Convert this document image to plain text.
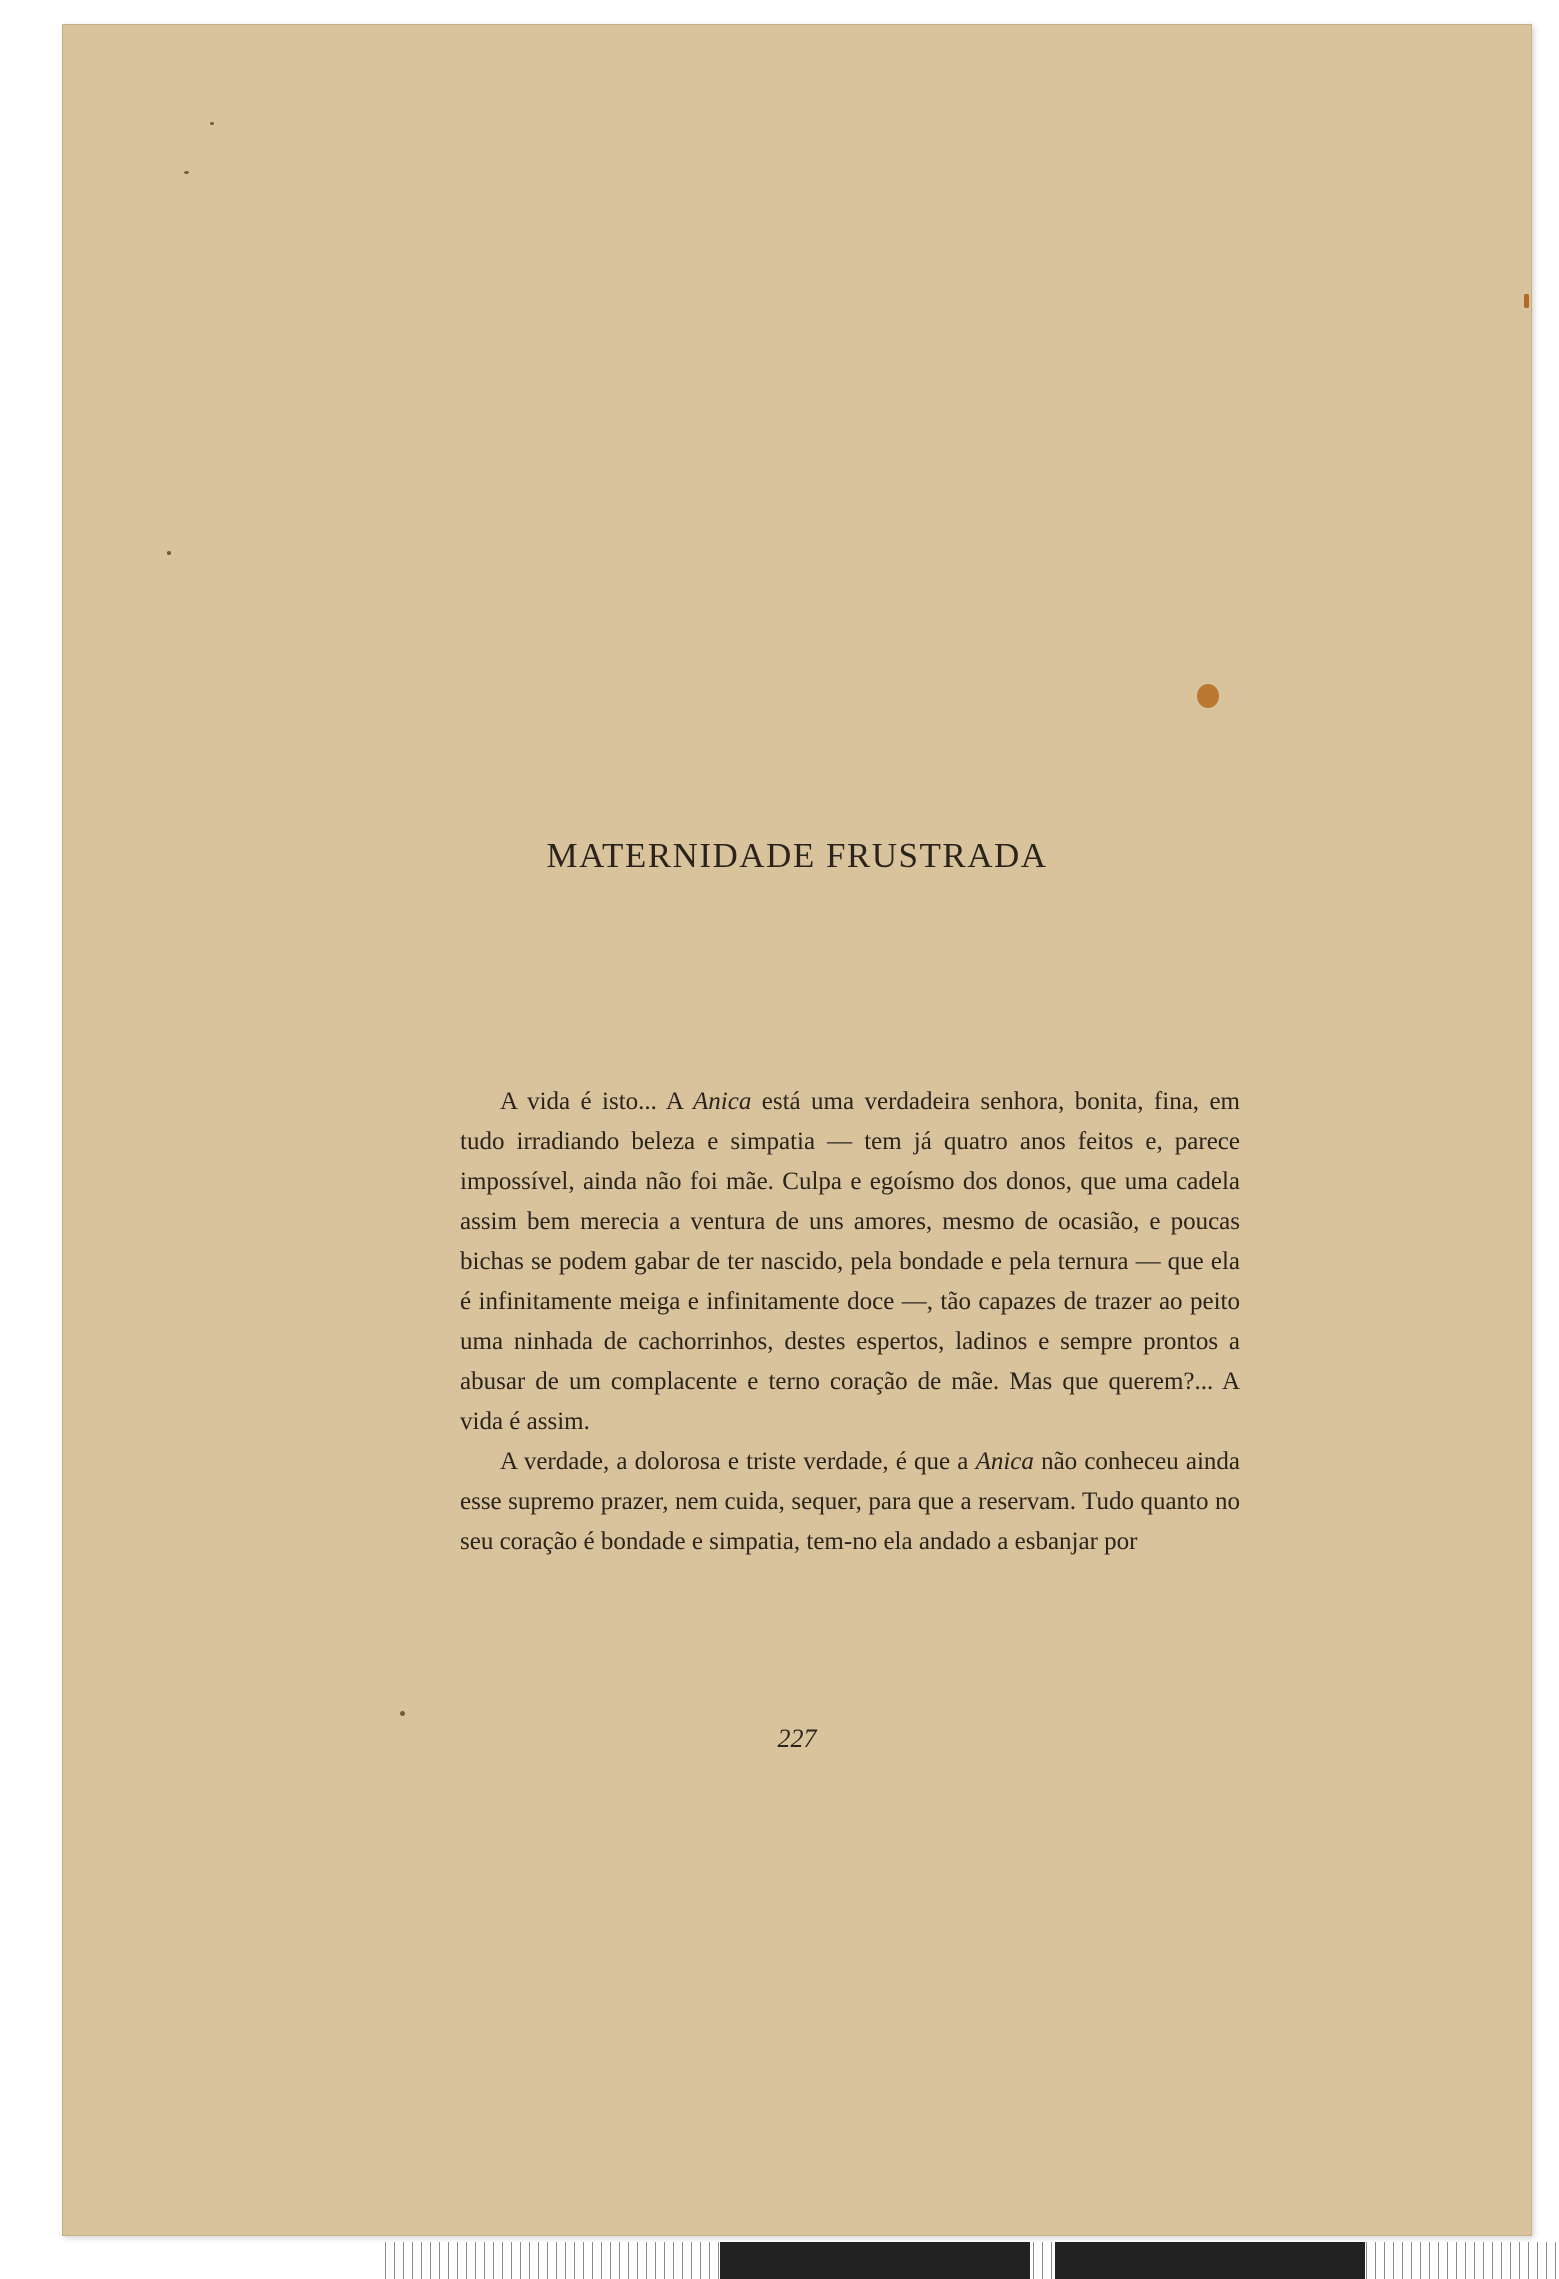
MATERNIDADE FRUSTRADA

A vida é isto... A Anica está uma verdadeira senhora, bonita, fina, em tudo irradiando beleza e simpatia — tem já quatro anos feitos e, parece impossível, ainda não foi mãe. Culpa e egoísmo dos donos, que uma cadela assim bem merecia a ventura de uns amores, mesmo de ocasião, e poucas bichas se podem gabar de ter nascido, pela bondade e pela ternura — que ela é infinitamente meiga e infinitamente doce —, tão capazes de trazer ao peito uma ninhada de cachorrinhos, destes espertos, ladinos e sempre prontos a abusar de um complacente e terno coração de mãe. Mas que querem?... A vida é assim.

A verdade, a dolorosa e triste verdade, é que a Anica não conheceu ainda esse supremo prazer, nem cuida, sequer, para que a reservam. Tudo quanto no seu coração é bondade e simpatia, tem-no ela andado a esbanjar por

227
